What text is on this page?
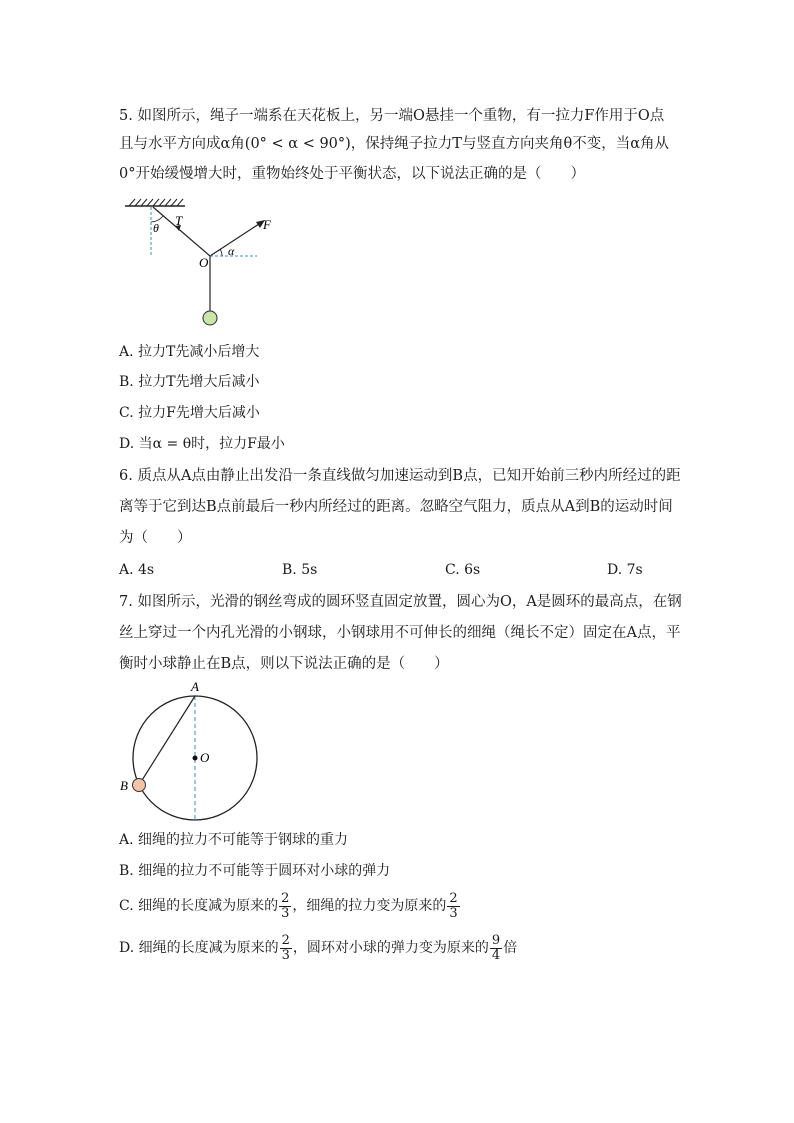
5. 如图所示，绳子一端系在天花板上，另一端O悬挂一个重物，有一拉力F作用于O点
且与水平方向成α角(0° < α < 90°)，保持绳子拉力T与竖直方向夹角θ不变，当α角从
0°开始缓慢增大时，重物始终处于平衡状态，以下说法正确的是（　　）
T
θ	F
O
α
A. 拉力T先减小后增大
B. 拉力T先增大后减小
C. 拉力F先增大后减小
D. 当α = θ时，拉力F最小
6. 质点从A点由静止出发沿一条直线做匀加速运动到B点，已知开始前三秒内所经过的距
离等于它到达B点前最后一秒内所经过的距离。忽略空气阻力，质点从A到B的运动时间
为（　　）
A. 4s	B. 5s	C. 6s	D. 7s
7. 如图所示，光滑的钢丝弯成的圆环竖直固定放置，圆心为O，A是圆环的最高点，在钢
丝上穿过一个内孔光滑的小钢球，小钢球用不可伸长的细绳（绳长不定）固定在A点，平
衡时小球静止在B点，则以下说法正确的是（　　）
A
O
B
A. 细绳的拉力不可能等于钢球的重力
B. 细绳的拉力不可能等于圆环对小球的弹力
C. 细绳的长度减为原来的 $\frac{2}{3}$ ，细绳的拉力变为原来的 $\frac{2}{3}$
D. 细绳的长度减为原来的 $\frac{2}{3}$ ，圆环对小球的弹力变为原来的 $\frac{9}{4}$ 倍
